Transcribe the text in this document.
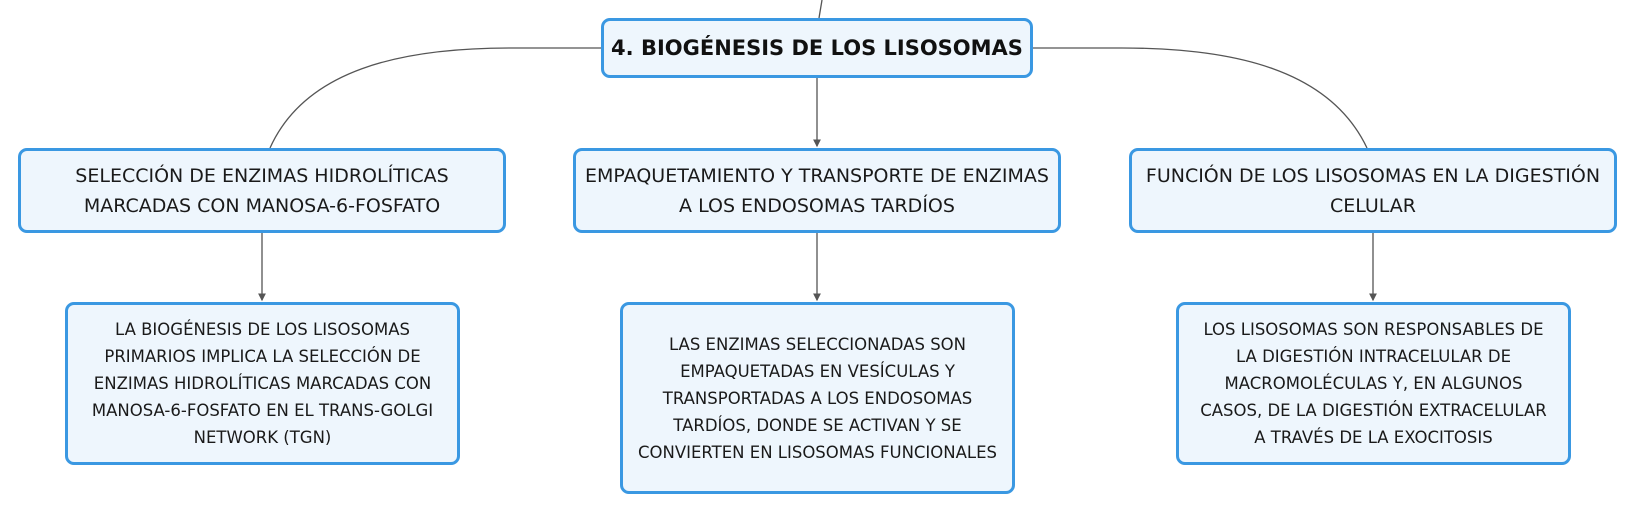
4. BIOGÉNESIS DE LOS LISOSOMAS
SELECCIÓN DE ENZIMAS HIDROLÍTICAS MARCADAS CON MANOSA-6-FOSFATO
EMPAQUETAMIENTO Y TRANSPORTE DE ENZIMAS A LOS ENDOSOMAS TARDÍOS
FUNCIÓN DE LOS LISOSOMAS EN LA DIGESTIÓN CELULAR
LA BIOGÉNESIS DE LOS LISOSOMAS PRIMARIOS IMPLICA LA SELECCIÓN DE ENZIMAS HIDROLÍTICAS MARCADAS CON MANOSA-6-FOSFATO EN EL TRANS-GOLGI NETWORK (TGN)
LAS ENZIMAS SELECCIONADAS SON EMPAQUETADAS EN VESÍCULAS Y TRANSPORTADAS A LOS ENDOSOMAS TARDÍOS, DONDE SE ACTIVAN Y SE CONVIERTEN EN LISOSOMAS FUNCIONALES
LOS LISOSOMAS SON RESPONSABLES DE LA DIGESTIÓN INTRACELULAR DE MACROMOLÉCULAS Y, EN ALGUNOS CASOS, DE LA DIGESTIÓN EXTRACELULAR A TRAVÉS DE LA EXOCITOSIS
